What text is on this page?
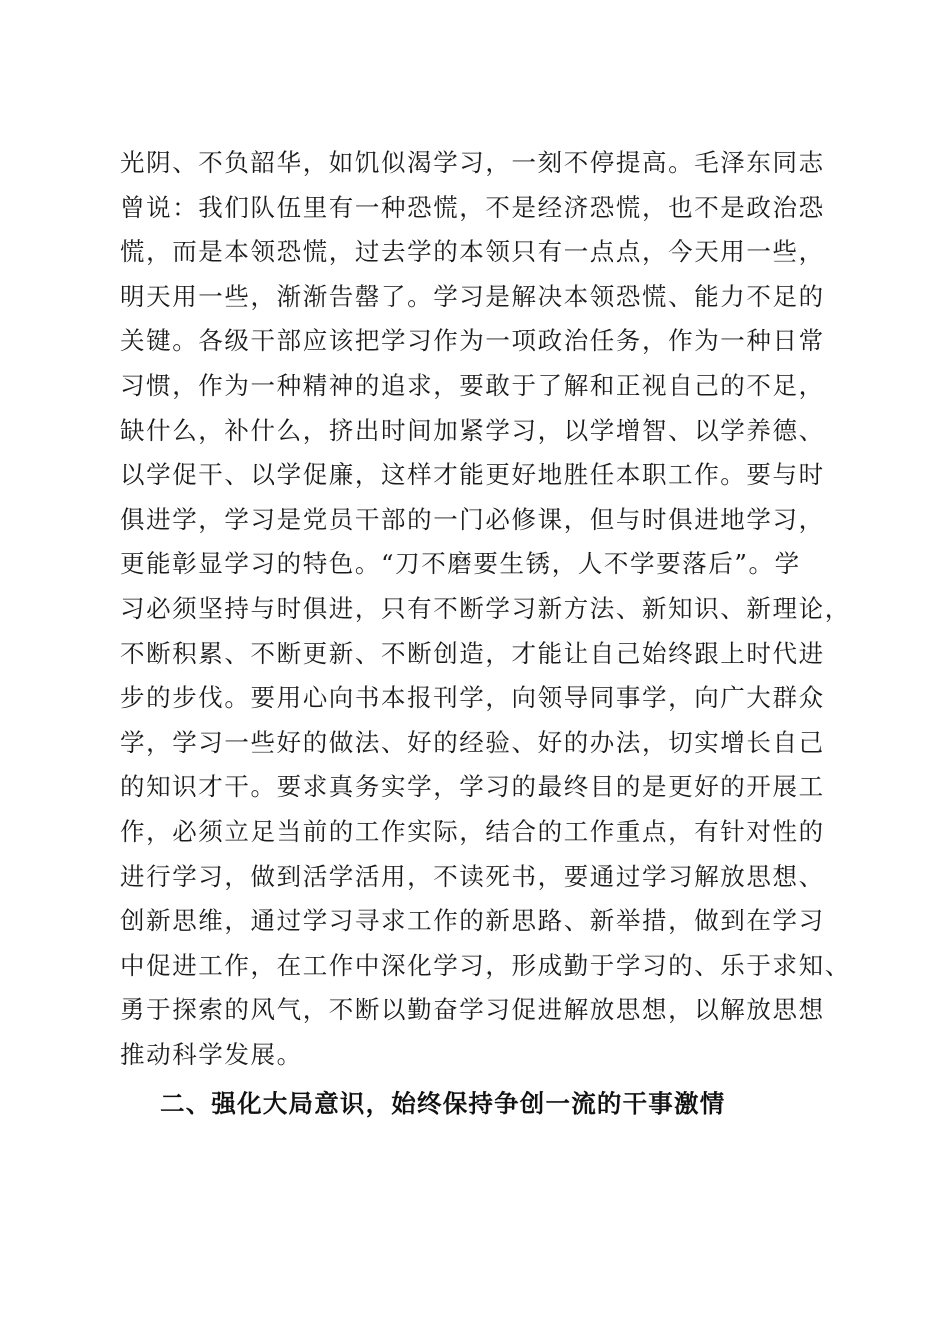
光阴、不负韶华，如饥似渴学习，一刻不停提高。毛泽东同志
曾说：我们队伍里有一种恐慌，不是经济恐慌，也不是政治恐
慌，而是本领恐慌，过去学的本领只有一点点，今天用一些，
明天用一些，渐渐告罄了。学习是解决本领恐慌、能力不足的
关键。各级干部应该把学习作为一项政治任务，作为一种日常
习惯，作为一种精神的追求，要敢于了解和正视自己的不足，
缺什么，补什么，挤出时间加紧学习，以学增智、以学养德、
以学促干、以学促廉，这样才能更好地胜任本职工作。要与时
俱进学，学习是党员干部的一门必修课，但与时俱进地学习，
更能彰显学习的特色。“刀不磨要生锈，人不学要落后”。学
习必须坚持与时俱进，只有不断学习新方法、新知识、新理论，
不断积累、不断更新、不断创造，才能让自己始终跟上时代进
步的步伐。要用心向书本报刊学，向领导同事学，向广大群众
学，学习一些好的做法、好的经验、好的办法，切实增长自己
的知识才干。要求真务实学，学习的最终目的是更好的开展工
作，必须立足当前的工作实际，结合的工作重点，有针对性的
进行学习，做到活学活用，不读死书，要通过学习解放思想、
创新思维，通过学习寻求工作的新思路、新举措，做到在学习
中促进工作，在工作中深化学习，形成勤于学习的、乐于求知、
勇于探索的风气，不断以勤奋学习促进解放思想，以解放思想
推动科学发展。
二、强化大局意识，始终保持争创一流的干事激情
